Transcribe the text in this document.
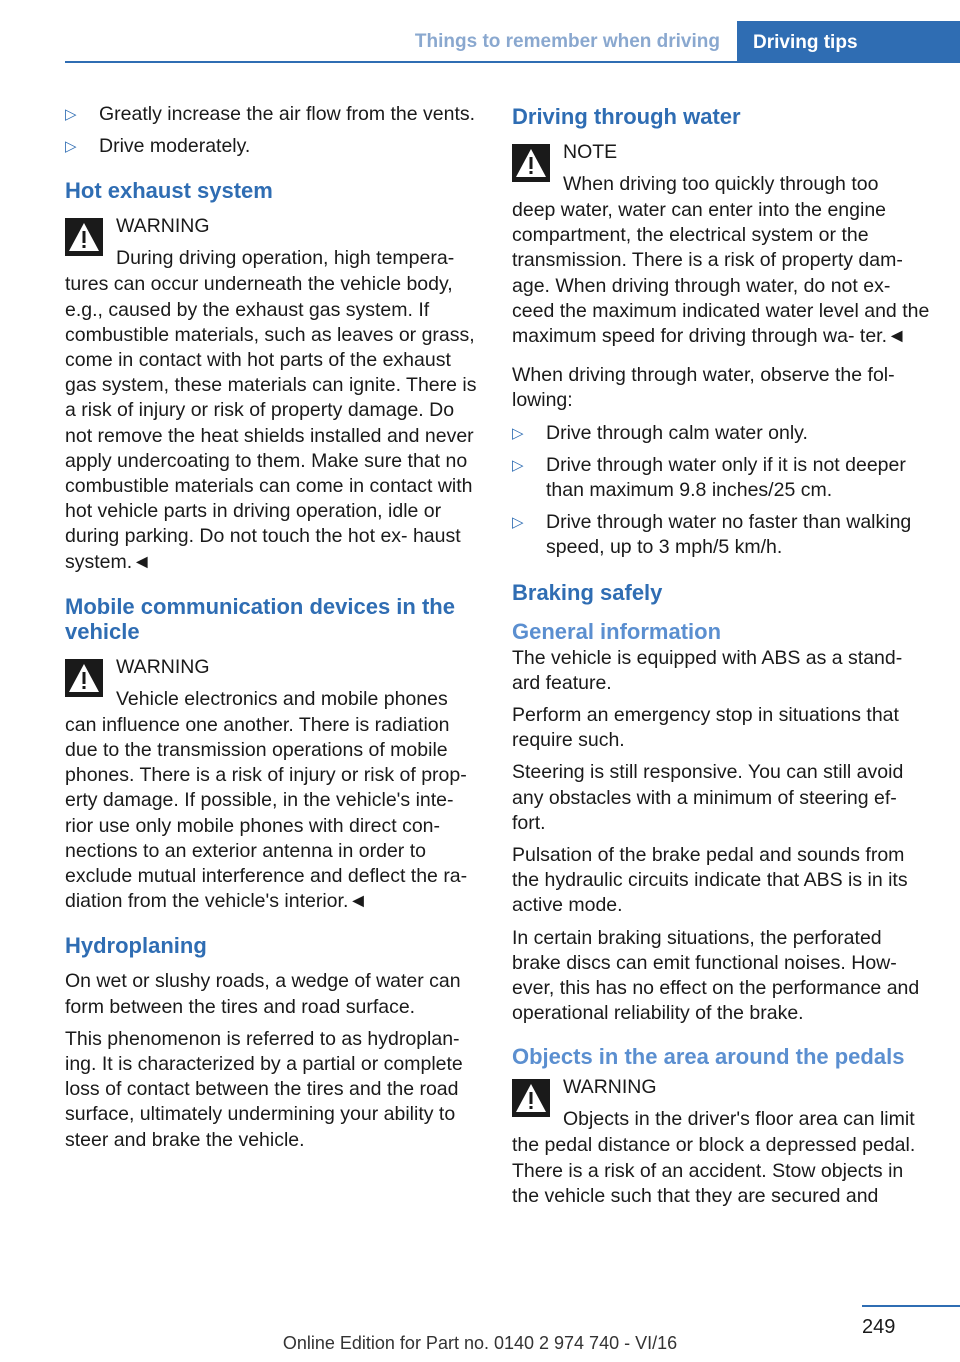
Things to remember when driving	Driving tips
▷ Greatly increase the air flow from the vents.
▷ Drive moderately.
Hot exhaust system
WARNING
During driving operation, high tempera‐
tures can occur underneath the vehicle body, e.g., caused by the exhaust gas system. If combustible materials, such as leaves or grass, come in contact with hot parts of the exhaust gas system, these materials can ignite. There is a risk of injury or risk of property damage. Do not remove the heat shields installed and never apply undercoating to them. Make sure that no combustible materials can come in contact with hot vehicle parts in driving operation, idle or during parking. Do not touch the hot ex‐ haust system.◄
Mobile communication devices in the vehicle
WARNING
Vehicle electronics and mobile phones
can influence one another. There is radiation due to the transmission operations of mobile phones. There is a risk of injury or risk of prop‐ erty damage. If possible, in the vehicle's inte‐ rior use only mobile phones with direct con‐ nections to an exterior antenna in order to exclude mutual interference and deflect the ra‐ diation from the vehicle's interior.◄
Hydroplaning
On wet or slushy roads, a wedge of water can form between the tires and road surface.
This phenomenon is referred to as hydroplan‐ ing. It is characterized by a partial or complete loss of contact between the tires and the road surface, ultimately undermining your ability to steer and brake the vehicle.
Driving through water
NOTE
When driving too quickly through too
deep water, water can enter into the engine compartment, the electrical system or the transmission. There is a risk of property dam‐ age. When driving through water, do not ex‐ ceed the maximum indicated water level and the maximum speed for driving through wa‐ ter.◄
When driving through water, observe the fol‐ lowing:
▷ Drive through calm water only.
▷ Drive through water only if it is not deeper than maximum 9.8 inches/25 cm.
▷ Drive through water no faster than walking speed, up to 3 mph/5 km/h.
Braking safely
General information
The vehicle is equipped with ABS as a stand‐ ard feature.
Perform an emergency stop in situations that require such.
Steering is still responsive. You can still avoid any obstacles with a minimum of steering ef‐ fort.
Pulsation of the brake pedal and sounds from the hydraulic circuits indicate that ABS is in its active mode.
In certain braking situations, the perforated brake discs can emit functional noises. How‐ ever, this has no effect on the performance and operational reliability of the brake.
Objects in the area around the pedals
WARNING
Objects in the driver's floor area can limit
the pedal distance or block a depressed pedal. There is a risk of an accident. Stow objects in the vehicle such that they are secured and
249
Online Edition for Part no. 0140 2 974 740 - VI/16
